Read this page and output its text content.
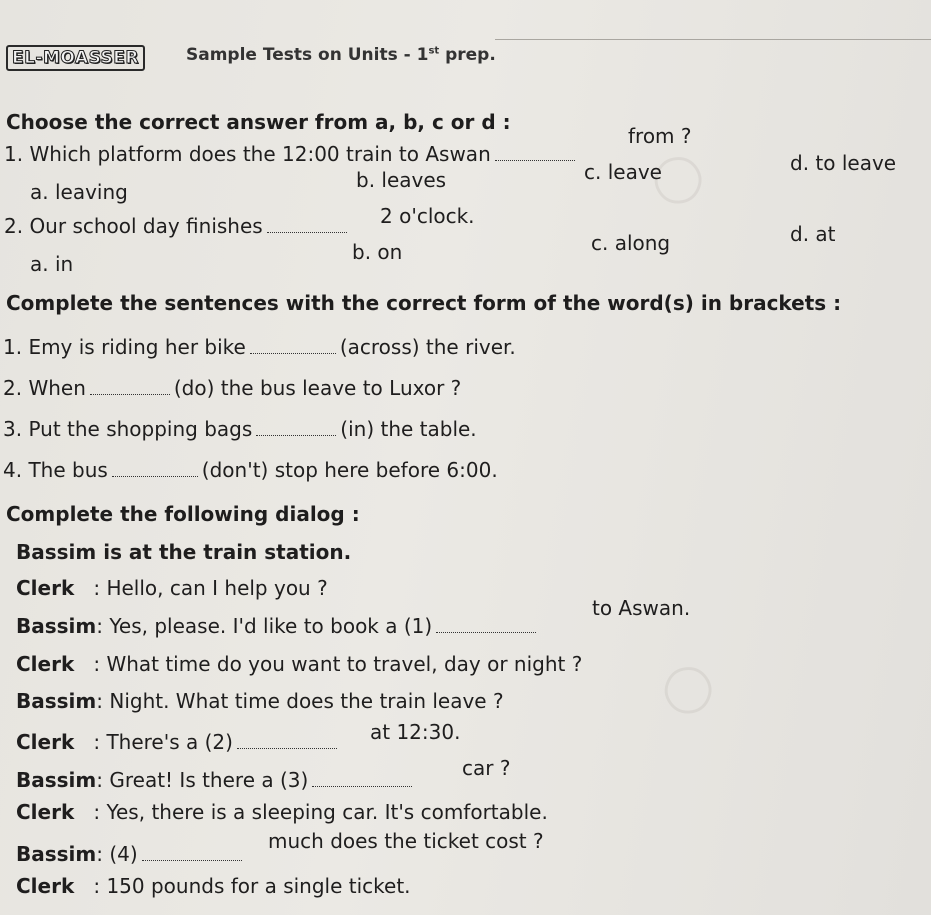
◯
◯
EL-MOASSER	Sample Tests on Units - 1st prep.
Choose the correct answer from a, b, c or d :
1. Which platform does the 12:00 train to Aswan
from ?
a. leaving	b. leaves	c. leave	d. to leave
2. Our school day finishes	2 o'clock.
a. in	b. on	c. along	d. at
Complete the sentences with the correct form of the word(s) in brackets :
1. Emy is riding her bike	(across) the river.
2. When	(do) the bus leave to Luxor ?
3. Put the shopping bags	(in) the table.
4. The bus	(don't) stop here before 6:00.
Complete the following dialog :
Bassim is at the train station.
Clerk   : Hello, can I help you ?
Bassim: Yes, please. I'd like to book a (1)
to Aswan.
Clerk   : What time do you want to travel, day or night ?
Bassim: Night. What time does the train leave ?
Clerk   : There's a (2)	at 12:30.
Bassim: Great! Is there a (3)	car ?
Clerk   : Yes, there is a sleeping car. It's comfortable.
Bassim: (4)
much does the ticket cost ?
Clerk   : 150 pounds for a single ticket.
